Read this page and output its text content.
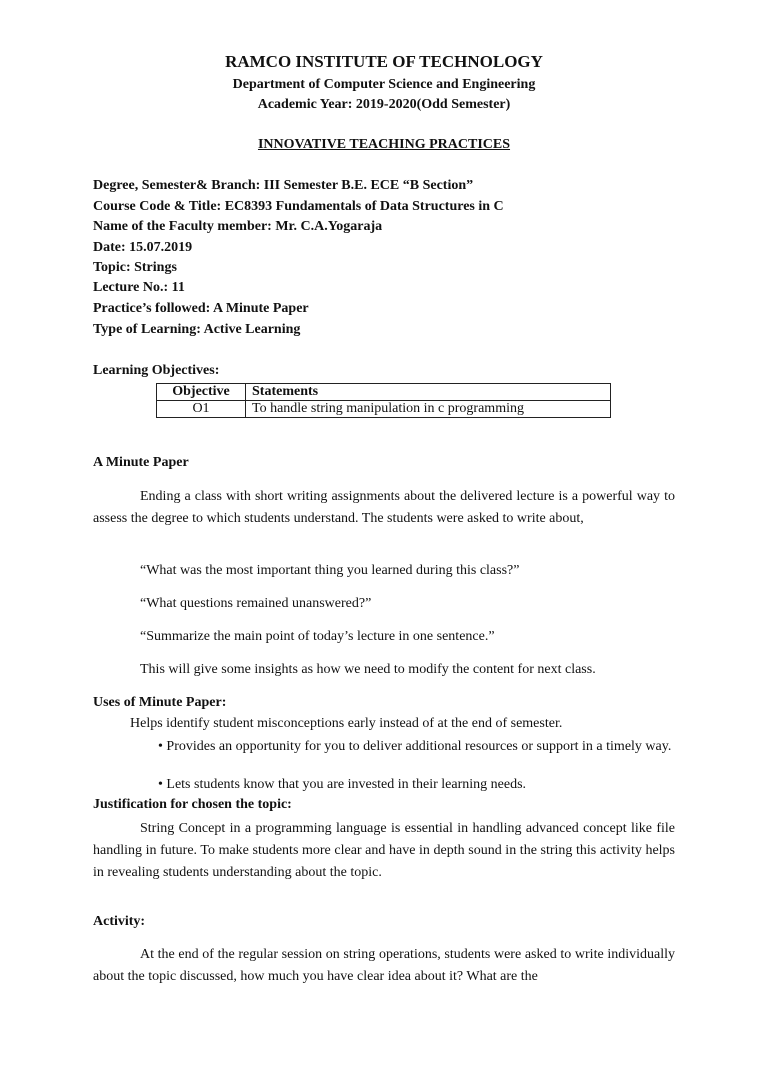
RAMCO INSTITUTE OF TECHNOLOGY
Department of Computer Science and Engineering
Academic Year: 2019-2020(Odd Semester)
INNOVATIVE TEACHING PRACTICES
Degree, Semester& Branch: III Semester B.E. ECE “B Section”
Course Code & Title: EC8393 Fundamentals of Data Structures in C
Name of the Faculty member: Mr. C.A.Yogaraja
Date: 15.07.2019
Topic: Strings
Lecture No.: 11
Practice’s followed: A Minute Paper
Type of Learning: Active Learning
Learning Objectives:
Objective	Statements
O1	To handle string manipulation in c programming
A Minute Paper
Ending a class with short writing assignments about the delivered lecture is a powerful way to assess the degree to which students understand. The students were asked to write about,
“What was the most important thing you learned during this class?”
“What questions remained unanswered?”
“Summarize the main point of today’s lecture in one sentence.”
This will give some insights as how we need to modify the content for next class.
Uses of Minute Paper:
Helps identify student misconceptions early instead of at the end of semester.
• Provides an opportunity for you to deliver additional resources or support in a timely way.
• Lets students know that you are invested in their learning needs.
Justification for chosen the topic:
String Concept in a programming language is essential in handling advanced concept like file handling in future. To make students more clear and have in depth sound in the string this activity helps in revealing students understanding about the topic.
Activity:
At the end of the regular session on string operations, students were asked to write individually about the topic discussed, how much you have clear idea about it? What are the
